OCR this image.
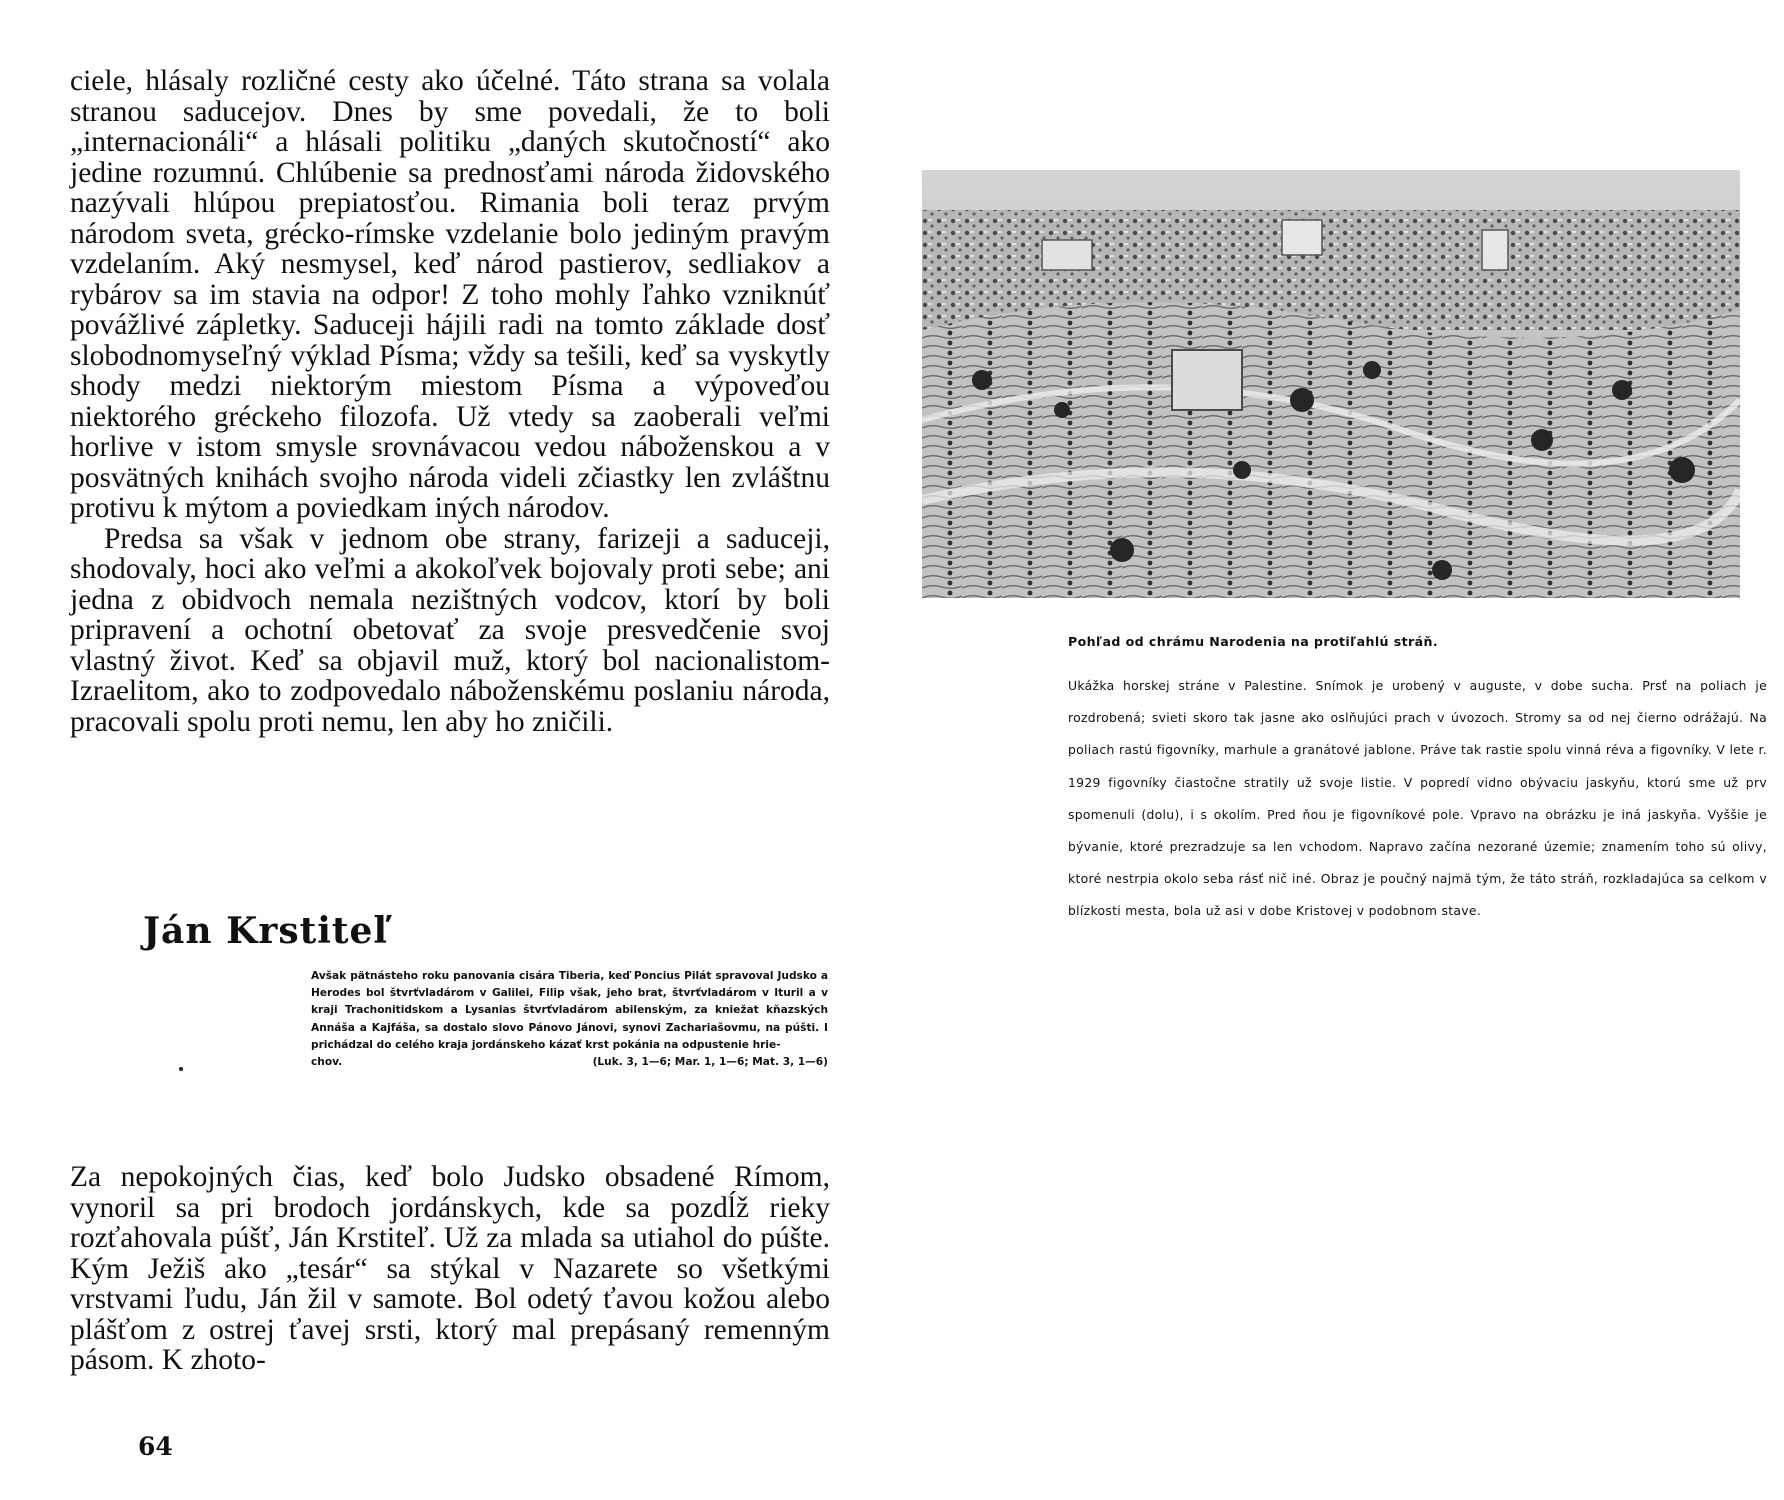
ciele, hlásaly rozličné cesty ako účelné. Táto strana sa volala stranou saducejov. Dnes by sme povedali, že to boli „internacionáli“ a hlásali politiku „daných skutočností“ ako jedine rozumnú. Chlúbenie sa prednosťami národa židovského nazývali hlúpou prepiatosťou. Rimania boli teraz prvým národom sveta, grécko-rímske vzdelanie bolo jediným pravým vzdelaním. Aký nesmysel, keď národ pastierov, sedliakov a rybárov sa im stavia na odpor! Z toho mohly ľahko vzniknúť povážlivé zápletky. Saduceji hájili radi na tomto základe dosť slobodnomyseľný výklad Písma; vždy sa tešili, keď sa vyskytly shody medzi niektorým miestom Písma a výpoveďou niektorého gréckeho filozofa. Už vtedy sa zaoberali veľmi horlive v istom smysle srovnávacou vedou náboženskou a v posvätných knihách svojho národa videli zčiastky len zvláštnu protivu k mýtom a poviedkam iných národov.

Predsa sa však v jednom obe strany, farizeji a saduceji, shodovaly, hoci ako veľmi a akokoľvek bojovaly proti sebe; ani jedna z obidvoch nemala nezištných vodcov, ktorí by boli pripravení a ochotní obetovať za svoje presvedčenie svoj vlastný život. Keď sa objavil muž, ktorý bol nacionalistom-Izraelitom, ako to zodpovedalo náboženskému poslaniu národa, pracovali spolu proti nemu, len aby ho zničili.

Ján Krstiteľ
Avšak pätnásteho roku panovania cisára Tiberia, keď Poncius Pilát spravoval Judsko a Herodes bol štvrťvladárom v Galilei, Filip však, jeho brat, štvrťvladárom v Ituril a v kraji Trachonitidskom a Lysanias štvrťvladárom abilenským, za kniežat kňazských Annáša a Kajfáša, sa dostalo slovo Pánovo Jánovi, synovi Zachariašovmu, na púšti. I prichádzal do celého kraja jordánskeho kázať krst pokánia na odpustenie hrie-
chov.	(Luk. 3, 1—6; Mar. 1, 1—6; Mat. 3, 1—6)

Za nepokojných čias, keď bolo Judsko obsadené Rímom, vynoril sa pri brodoch jordánskych, kde sa pozdĺž rieky rozťahovala púšť, Ján Krstiteľ. Už za mlada sa utiahol do púšte. Kým Ježiš ako „tesár“ sa stýkal v Nazarete so všetkými vrstvami ľudu, Ján žil v samote. Bol odetý ťavou kožou alebo plášťom z ostrej ťavej srsti, ktorý mal prepásaný remenným pásom. K zhoto-

64
Pohľad od chrámu Narodenia na protiľahlú stráň.
Ukážka horskej stráne v Palestine. Snímok je urobený v auguste, v dobe sucha. Prsť na poliach je rozdrobená; svieti skoro tak jasne ako oslňujúci prach v úvozoch. Stromy sa od nej čierno odrážajú. Na poliach rastú figovníky, marhule a granátové jablone. Práve tak rastie spolu vinná réva a figovníky. V lete r. 1929 figovníky čiastočne stratily už svoje listie. V popredí vidno obývaciu jaskyňu, ktorú sme už prv spomenuli (dolu), i s okolím. Pred ňou je figovníkové pole. Vpravo na obrázku je iná jaskyňa. Vyššie je bývanie, ktoré prezradzuje sa len vchodom. Napravo začína nezorané územie; znamením toho sú olivy, ktoré nestrpia okolo seba rásť nič iné. Obraz je poučný najmä tým, že táto stráň, rozkladajúca sa celkom v blízkosti mesta, bola už asi v dobe Kristovej v podobnom stave.
